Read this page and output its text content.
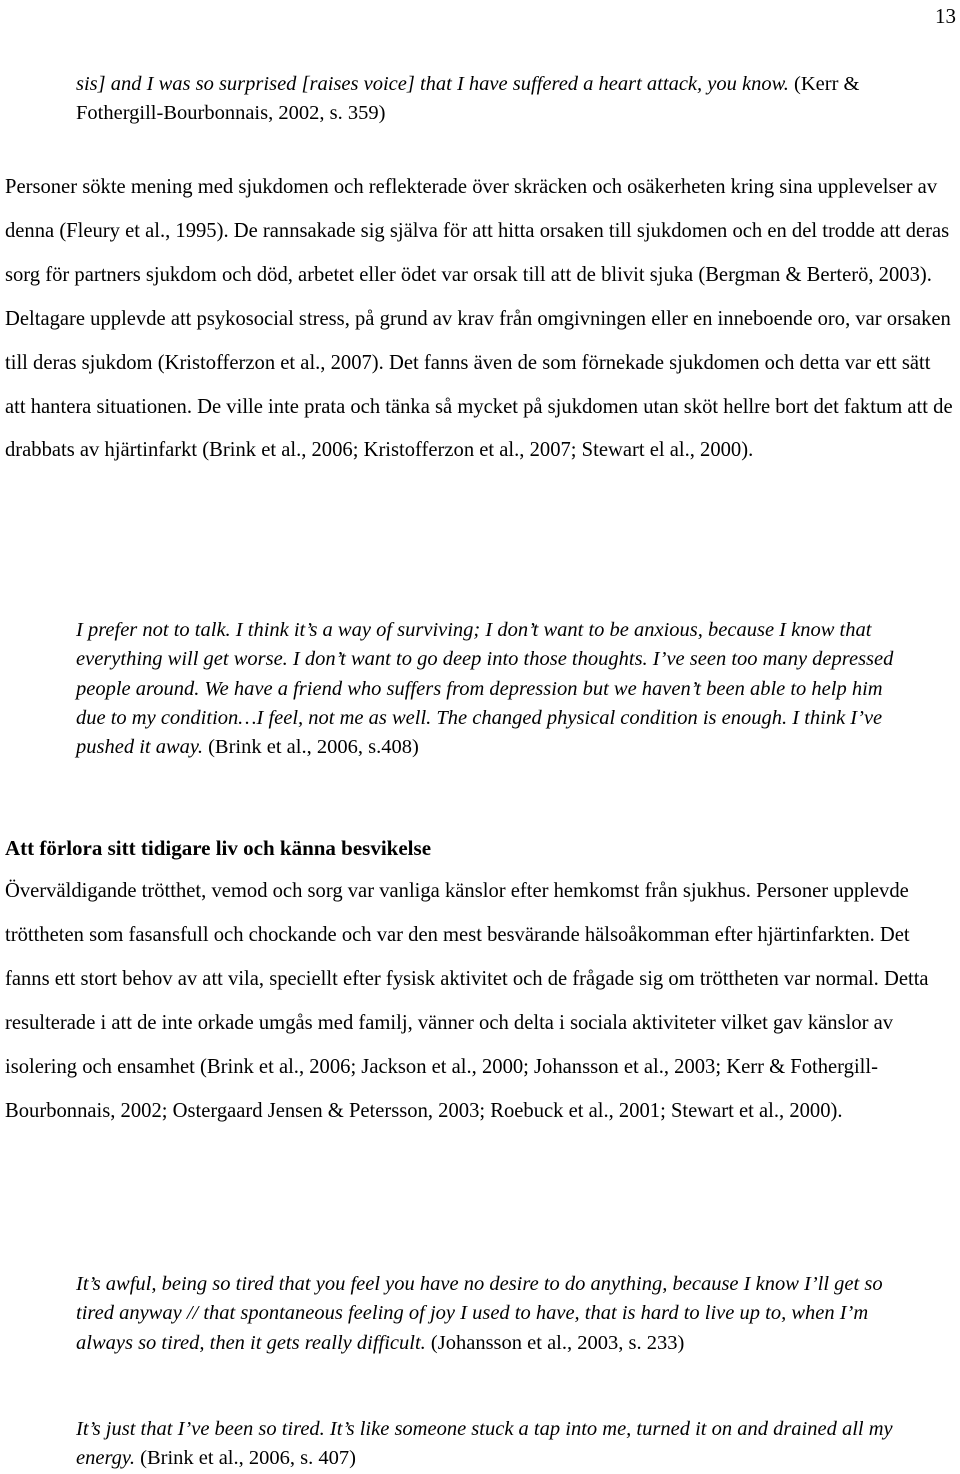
13

sis] and I was so surprised [raises voice] that I have suffered a heart attack, you know. (Kerr & Fothergill-Bourbonnais, 2002, s. 359)

Personer sökte mening med sjukdomen och reflekterade över skräcken och osäkerheten kring sina upplevelser av denna (Fleury et al., 1995). De rannsakade sig själva för att hitta orsaken till sjukdomen och en del trodde att deras sorg för partners sjukdom och död, arbetet eller ödet var orsak till att de blivit sjuka (Bergman & Berterö, 2003). Deltagare upplevde att psykosocial stress, på grund av krav från omgivningen eller en inneboende oro, var orsaken till deras sjukdom (Kristofferzon et al., 2007). Det fanns även de som förnekade sjukdomen och detta var ett sätt att hantera situationen. De ville inte prata och tänka så mycket på sjukdomen utan sköt hellre bort det faktum att de drabbats av hjärtinfarkt (Brink et al., 2006; Kristofferzon et al., 2007; Stewart el al., 2000).

I prefer not to talk. I think it’s a way of surviving; I don’t want to be anxious, because I know that everything will get worse. I don’t want to go deep into those thoughts. I’ve seen too many depressed people around. We have a friend who suffers from depression but we haven’t been able to help him due to my condition…I feel, not me as well. The changed physical condition is enough. I think I’ve pushed it away. (Brink et al., 2006, s.408)

Att förlora sitt tidigare liv och känna besvikelse

Överväldigande trötthet, vemod och sorg var vanliga känslor efter hemkomst från sjukhus. Personer upplevde tröttheten som fasansfull och chockande och var den mest besvärande hälsoåkomman efter hjärtinfarkten. Det fanns ett stort behov av att vila, speciellt efter fysisk aktivitet och de frågade sig om tröttheten var normal. Detta resulterade i att de inte orkade umgås med familj, vänner och delta i sociala aktiviteter vilket gav känslor av isolering och ensamhet (Brink et al., 2006; Jackson et al., 2000; Johansson et al., 2003; Kerr & Fothergill-Bourbonnais, 2002; Ostergaard Jensen & Petersson, 2003; Roebuck et al., 2001; Stewart et al., 2000).

It’s awful, being so tired that you feel you have no desire to do anything, because I know I’ll get so tired anyway // that spontaneous feeling of joy I used to have, that is hard to live up to, when I’m always so tired, then it gets really difficult. (Johansson et al., 2003, s. 233)

It’s just that I’ve been so tired. It’s like someone stuck a tap into me, turned it on and drained all my energy. (Brink et al., 2006, s. 407)
